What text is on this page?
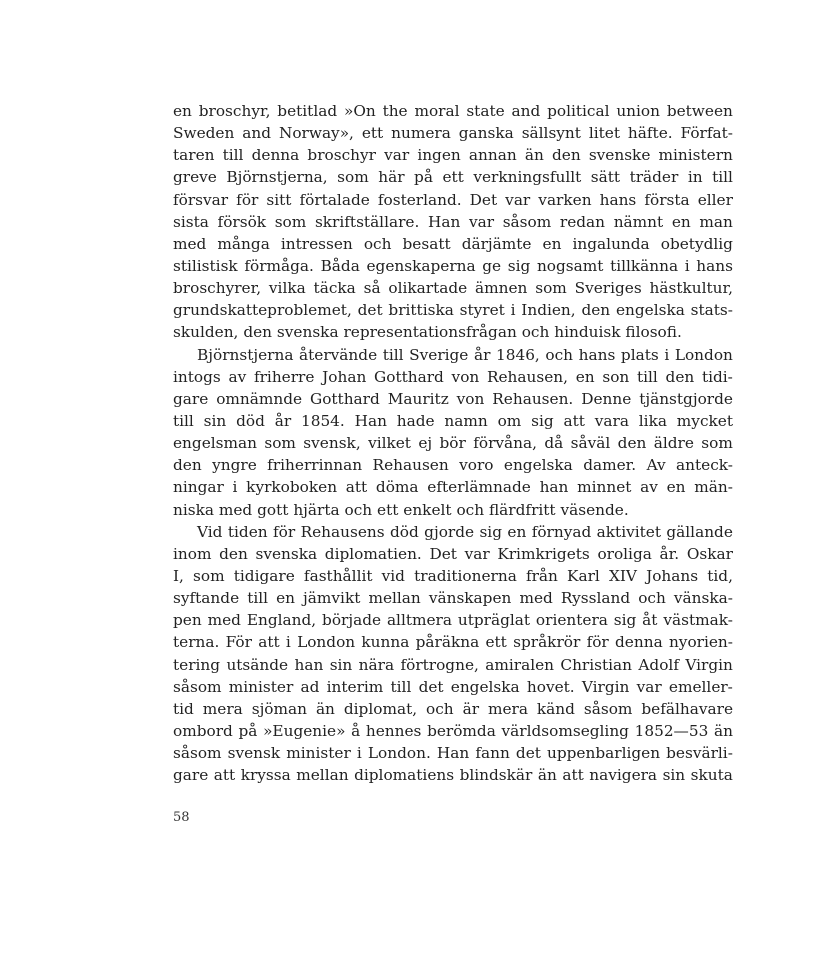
en broschyr, betitlad »On the moral state and political union between
Sweden and Norway», ett numera ganska sällsynt litet häfte. Förfat-
taren till denna broschyr var ingen annan än den svenske ministern
greve Björnstjerna, som här på ett verkningsfullt sätt träder in till
försvar för sitt förtalade fosterland. Det var varken hans första eller
sista försök som skriftställare. Han var såsom redan nämnt en man
med många intressen och besatt därjämte en ingalunda obetydlig
stilistisk förmåga. Båda egenskaperna ge sig nogsamt tillkänna i hans
broschyrer, vilka täcka så olikartade ämnen som Sveriges hästkultur,
grundskatteproblemet, det brittiska styret i Indien, den engelska stats-
skulden, den svenska representationsfrågan och hinduisk filosofi.
Björnstjerna återvände till Sverige år 1846, och hans plats i London
intogs av friherre Johan Gotthard von Rehausen, en son till den tidi-
gare omnämnde Gotthard Mauritz von Rehausen. Denne tjänstgjorde
till sin död år 1854. Han hade namn om sig att vara lika mycket
engelsman som svensk, vilket ej bör förvåna, då såväl den äldre som
den yngre friherrinnan Rehausen voro engelska damer. Av anteck-
ningar i kyrkoboken att döma efterlämnade han minnet av en män-
niska med gott hjärta och ett enkelt och flärdfritt väsende.
Vid tiden för Rehausens död gjorde sig en förnyad aktivitet gällande
inom den svenska diplomatien. Det var Krimkrigets oroliga år. Oskar
I, som tidigare fasthållit vid traditionerna från Karl XIV Johans tid,
syftande till en jämvikt mellan vänskapen med Ryssland och vänska-
pen med England, började alltmera utpräglat orientera sig åt västmak-
terna. För att i London kunna påräkna ett språkrör för denna nyorien-
tering utsände han sin nära förtrogne, amiralen Christian Adolf Virgin
såsom minister ad interim till det engelska hovet. Virgin var emeller-
tid mera sjöman än diplomat, och är mera känd såsom befälhavare
ombord på »Eugenie» å hennes berömda världsomsegling 1852—53 än
såsom svensk minister i London. Han fann det uppenbarligen besvärli-
gare att kryssa mellan diplomatiens blindskär än att navigera sin skuta
58
